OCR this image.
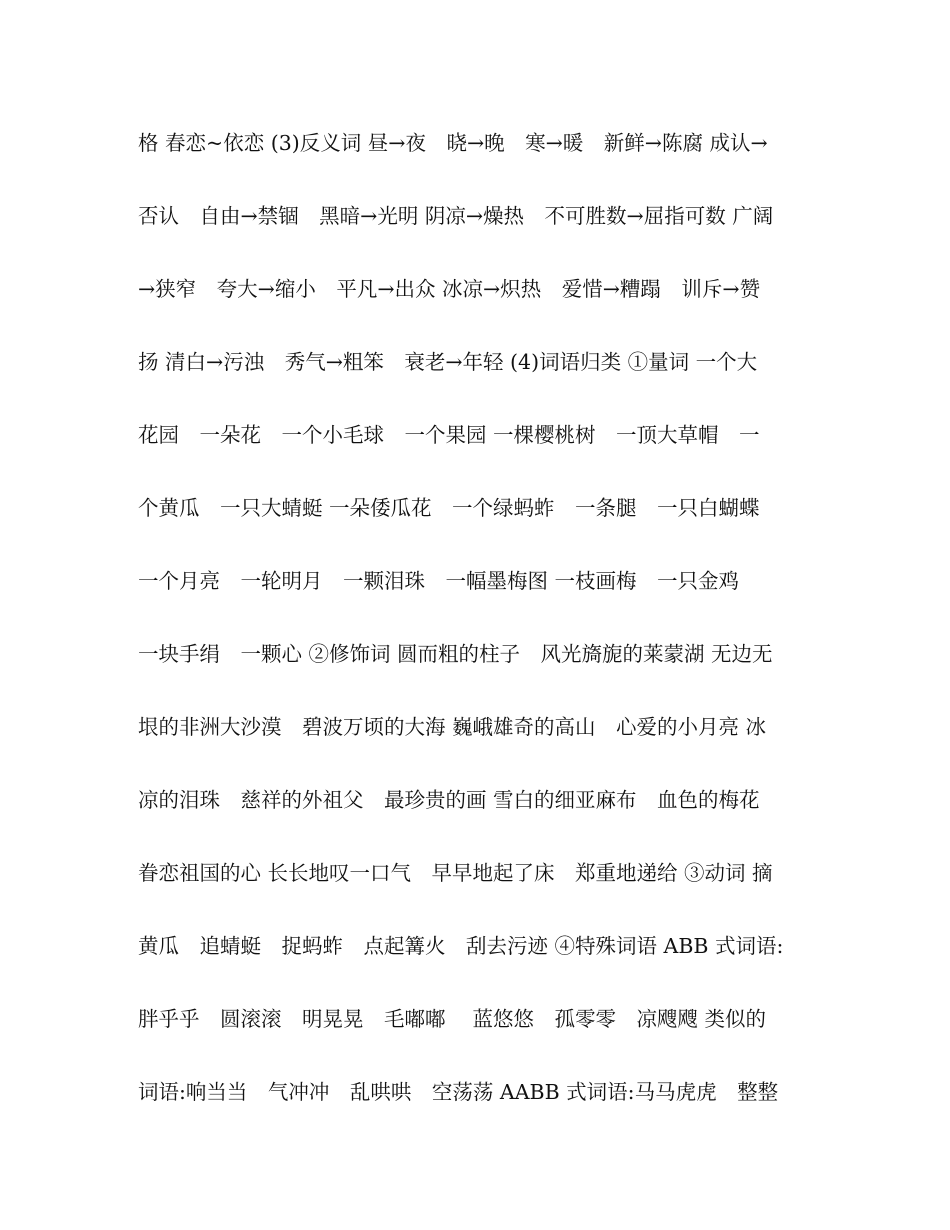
格 春恋~依恋 (3)反义词 昼→夜　晓→晚　寒→暖　新鲜→陈腐 成认→
否认　自由→禁锢　黑暗→光明 阴凉→燥热　不可胜数→屈指可数 广阔
→狭窄　夸大→缩小　平凡→出众 冰凉→炽热　爱惜→糟蹋　训斥→赞
扬 清白→污浊　秀气→粗笨　衰老→年轻 (4)词语归类 ①量词 一个大
花园　一朵花　一个小毛球　一个果园 一棵樱桃树　一顶大草帽　一
个黄瓜　一只大蜻蜓 一朵倭瓜花　一个绿蚂蚱　一条腿　一只白蝴蝶
一个月亮　一轮明月　一颗泪珠　一幅墨梅图 一枝画梅　一只金鸡
一块手绢　一颗心 ②修饰词 圆而粗的柱子　风光旖旎的莱蒙湖 无边无
垠的非洲大沙漠　碧波万顷的大海 巍峨雄奇的高山　心爱的小月亮 冰
凉的泪珠　慈祥的外祖父　最珍贵的画 雪白的细亚麻布　血色的梅花
眷恋祖国的心 长长地叹一口气　早早地起了床　郑重地递给 ③动词 摘
黄瓜　追蜻蜓　捉蚂蚱　点起篝火　刮去污迹 ④特殊词语 ABB 式词语:
胖乎乎　圆滚滚　明晃晃　毛嘟嘟　 蓝悠悠　孤零零　凉飕飕 类似的
词语:响当当　气冲冲　乱哄哄　空荡荡 AABB 式词语:马马虎虎　整整
